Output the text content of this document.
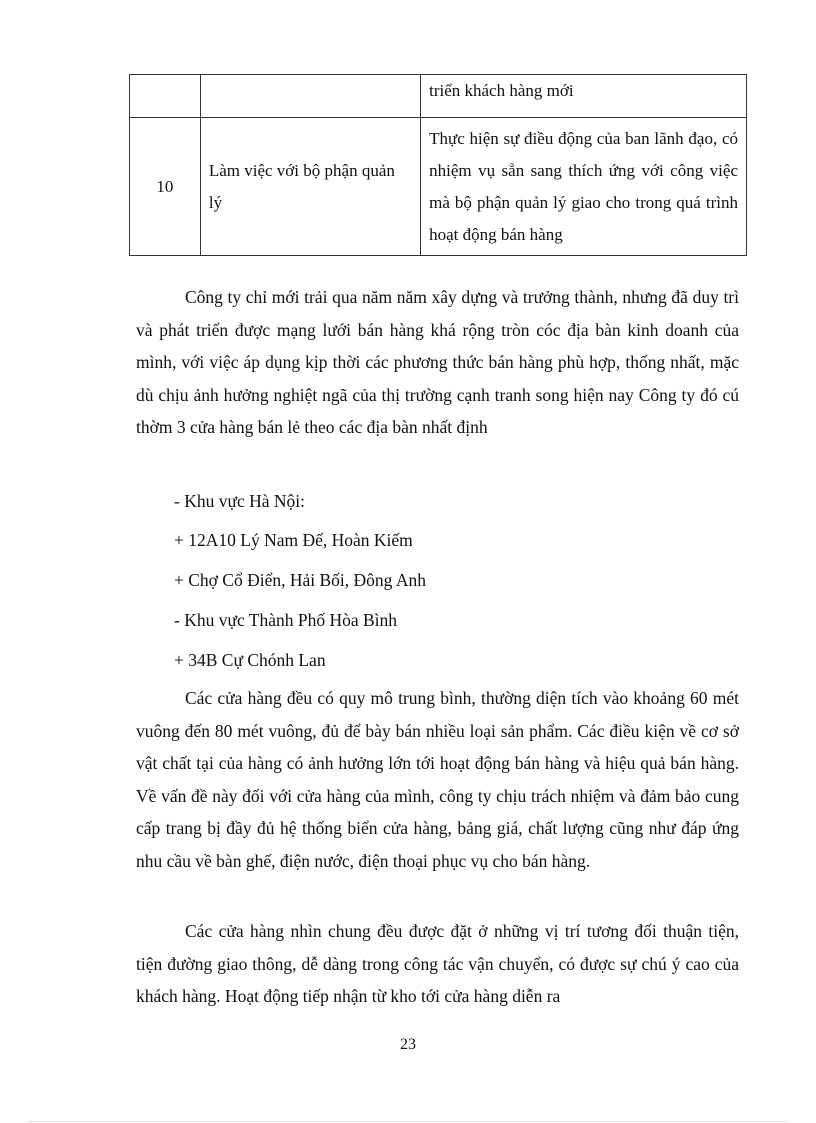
		triển khách hàng mới
10	Làm việc với bộ phận quản lý	Thực hiện sự điều động của ban lãnh đạo, có nhiệm vụ sẵn sang thích ứng với công việc mà bộ phận quản lý giao cho trong quá trình hoạt động bán hàng

Công ty chỉ mới trải qua năm năm xây dựng và trưởng thành, nhưng đã duy trì và phát triển được mạng lưới bán hàng khá rộng tròn cóc địa bàn kinh doanh của mình, với việc áp dụng kịp thời các phương thức bán hàng phù hợp, thống nhất, mặc dù chịu ảnh hưởng nghiệt ngã của thị trường cạnh tranh song hiện nay Công ty đó cú thờm 3 cửa hàng bán lẻ theo các địa bàn nhất định

- Khu vực Hà Nội:
+ 12A10 Lý Nam Đế, Hoàn Kiếm
+ Chợ Cổ Điển, Hải Bối, Đông Anh
- Khu vực Thành Phố Hòa Bình
+ 34B Cự Chónh Lan

Các cửa hàng đều có quy mô trung bình, thường diện tích vào khoảng 60 mét vuông đến 80 mét vuông, đủ để bày bán nhiều loại sản phẩm. Các điều kiện về cơ sở vật chất tại của hàng có ảnh hưởng lớn tới hoạt động bán hàng và hiệu quả bán hàng. Về vấn đề này đối với cửa hàng của mình, công ty chịu trách nhiệm và đảm bảo cung cấp trang bị đầy đủ hệ thống biển cửa hàng, bảng giá, chất lượng cũng như đáp ứng nhu cầu về bàn ghế, điện nước, điện thoại phục vụ cho bán hàng.

Các cửa hàng nhìn chung đều được đặt ở những vị trí tương đối thuận tiện, tiện đường giao thông, dễ dàng trong công tác vận chuyển, có được sự chú ý cao của khách hàng. Hoạt động tiếp nhận từ kho tới cửa hàng diễn ra

23
